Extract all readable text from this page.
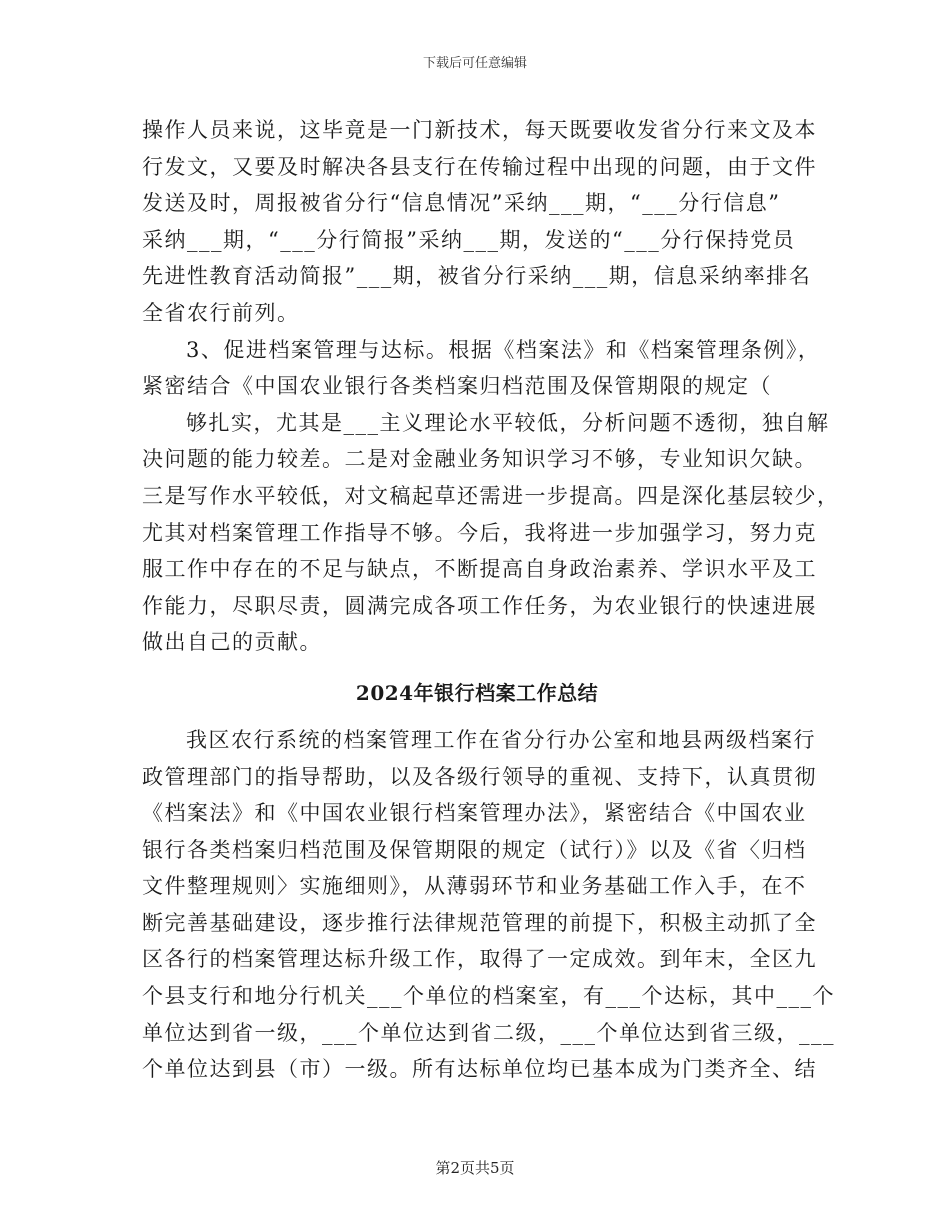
下载后可任意编辑
操作人员来说，这毕竟是一门新技术，每天既要收发省分行来文及本
行发文，又要及时解决各县支行在传输过程中出现的问题，由于文件
发送及时，周报被省分行“信息情况”采纳___期，“___分行信息”
采纳___期，“___分行简报”采纳___期，发送的“___分行保持党员
先进性教育活动简报”___期，被省分行采纳___期，信息采纳率排名
全省农行前列。
3、促进档案管理与达标。根据《档案法》和《档案管理条例》，
紧密结合《中国农业银行各类档案归档范围及保管期限的规定（
够扎实，尤其是___主义理论水平较低，分析问题不透彻，独自解
决问题的能力较差。二是对金融业务知识学习不够，专业知识欠缺。
三是写作水平较低，对文稿起草还需进一步提高。四是深化基层较少，
尤其对档案管理工作指导不够。今后，我将进一步加强学习，努力克
服工作中存在的不足与缺点，不断提高自身政治素养、学识水平及工
作能力，尽职尽责，圆满完成各项工作任务，为农业银行的快速进展
做出自己的贡献。
2024年银行档案工作总结
我区农行系统的档案管理工作在省分行办公室和地县两级档案行
政管理部门的指导帮助，以及各级行领导的重视、支持下，认真贯彻
《档案法》和《中国农业银行档案管理办法》，紧密结合《中国农业
银行各类档案归档范围及保管期限的规定（试行）》以及《省〈归档
文件整理规则〉实施细则》，从薄弱环节和业务基础工作入手，在不
断完善基础建设，逐步推行法律规范管理的前提下，积极主动抓了全
区各行的档案管理达标升级工作，取得了一定成效。到年末，全区九
个县支行和地分行机关___个单位的档案室，有___个达标，其中___个
单位达到省一级，___个单位达到省二级，___个单位达到省三级，___
个单位达到县（市）一级。所有达标单位均已基本成为门类齐全、结
第2页共5页
